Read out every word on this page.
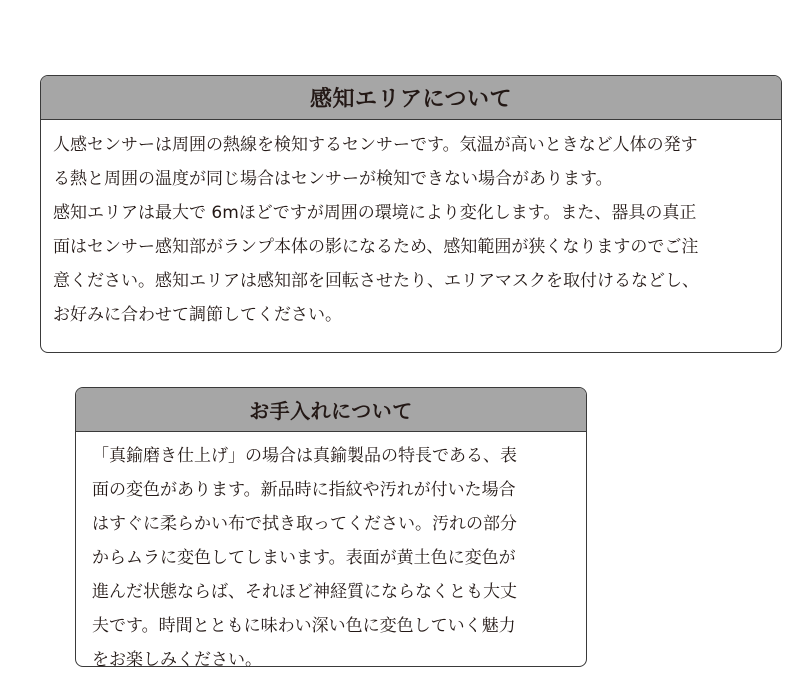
感知エリアについて
人感センサーは周囲の熱線を検知するセンサーです。気温が高いときなど人体の発す
る熱と周囲の温度が同じ場合はセンサーが検知できない場合があります。
感知エリアは最大で 6mほどですが周囲の環境により変化します。また、器具の真正
面はセンサー感知部がランプ本体の影になるため、感知範囲が狭くなりますのでご注
意ください。感知エリアは感知部を回転させたり、エリアマスクを取付けるなどし、
お好みに合わせて調節してください。
お手入れについて
「真鍮磨き仕上げ」の場合は真鍮製品の特長である、表
面の変色があります。新品時に指紋や汚れが付いた場合
はすぐに柔らかい布で拭き取ってください。汚れの部分
からムラに変色してしまいます。表面が黄土色に変色が
進んだ状態ならば、それほど神経質にならなくとも大丈
夫です。時間とともに味わい深い色に変色していく魅力
をお楽しみください。
